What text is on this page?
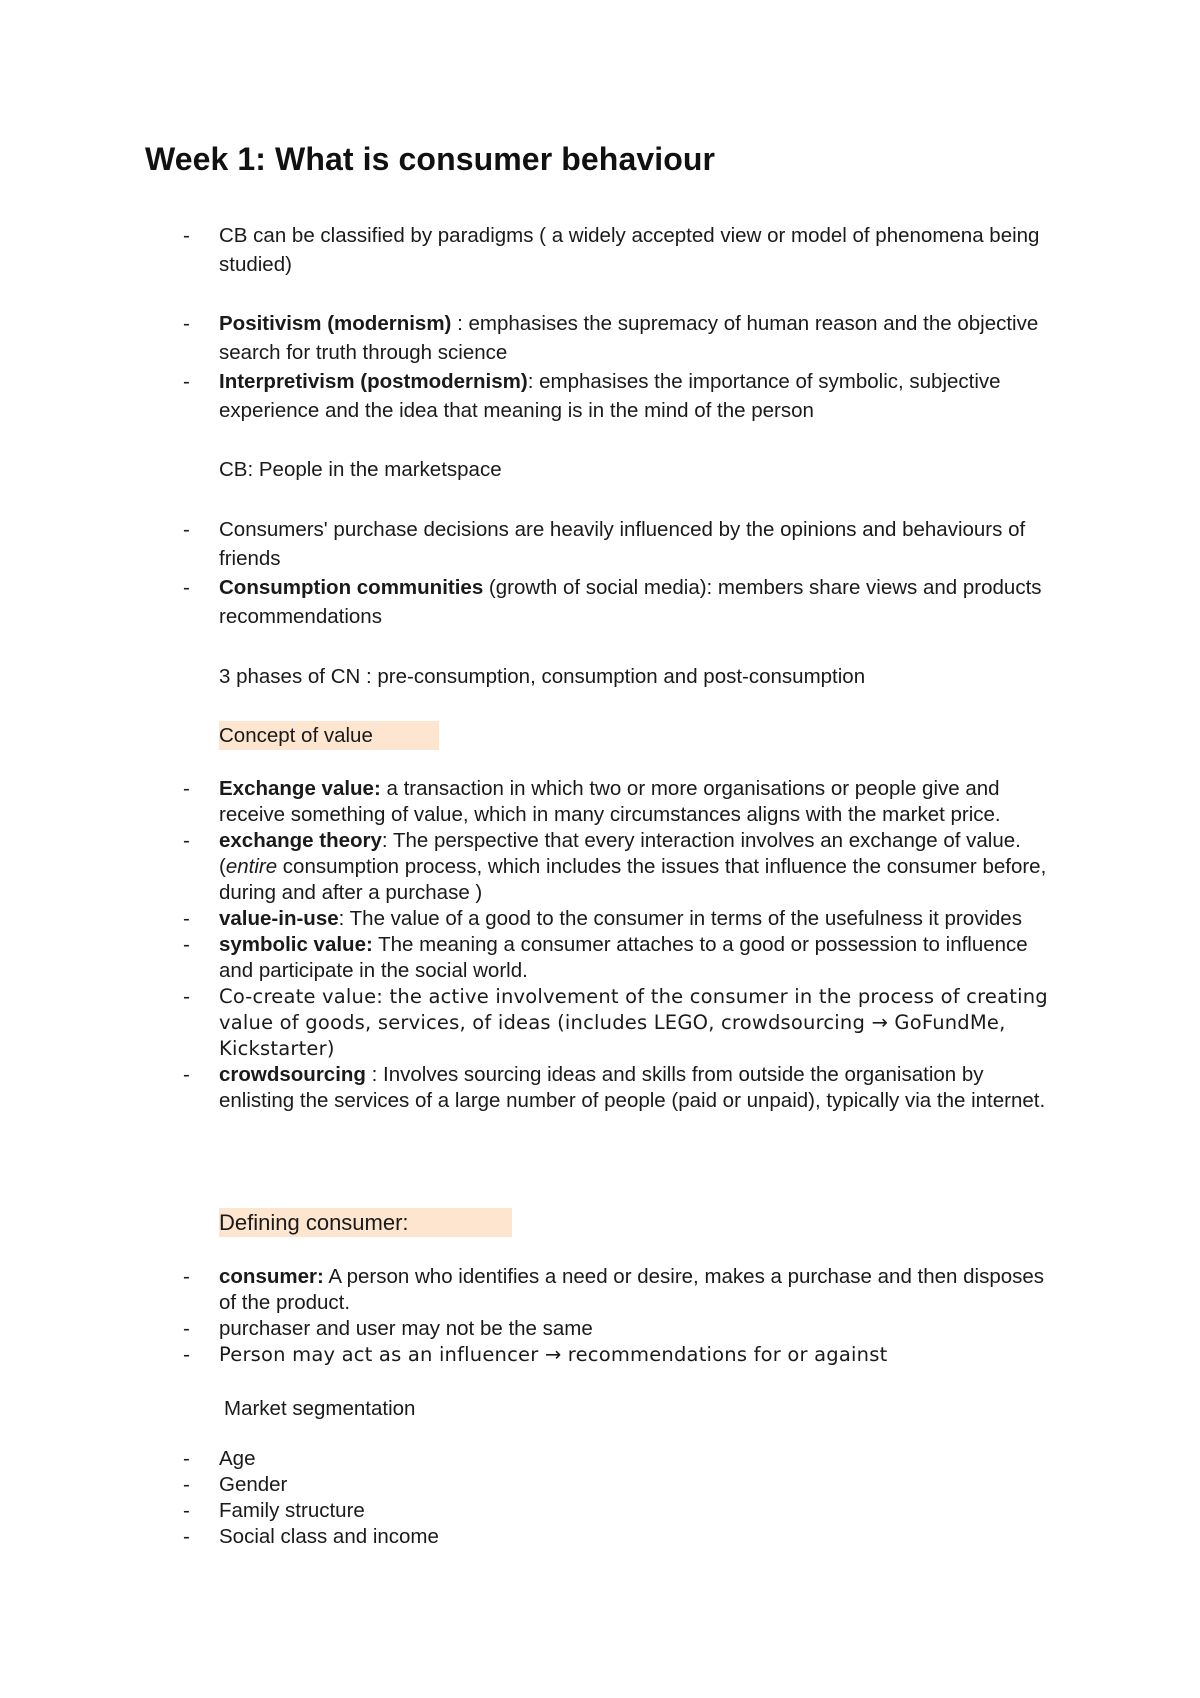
Week 1: What is consumer behaviour
- CB can be classified by paradigms ( a widely accepted view or model of phenomena being studied)
- Positivism (modernism) : emphasises the supremacy of human reason and the objective search for truth through science
- Interpretivism (postmodernism): emphasises the importance of symbolic, subjective experience and the idea that meaning is in the mind of the person
CB: People in the marketspace
- Consumers' purchase decisions are heavily influenced by the opinions and behaviours of friends
- Consumption communities (growth of social media): members share views and products recommendations
3 phases of CN : pre-consumption, consumption and post-consumption
Concept of value
- Exchange value: a transaction in which two or more organisations or people give and receive something of value, which in many circumstances aligns with the market price.
- exchange theory: The perspective that every interaction involves an exchange of value. (entire consumption process, which includes the issues that influence the consumer before, during and after a purchase )
- value-in-use: The value of a good to the consumer in terms of the usefulness it provides
- symbolic value: The meaning a consumer attaches to a good or possession to influence and participate in the social world.
- Co-create value: the active involvement of the consumer in the process of creating value of goods, services, of ideas (includes LEGO, crowdsourcing → GoFundMe, Kickstarter)
- crowdsourcing : Involves sourcing ideas and skills from outside the organisation by enlisting the services of a large number of people (paid or unpaid), typically via the internet.
Defining consumer:
- consumer: A person who identifies a need or desire, makes a purchase and then disposes of the product.
- purchaser and user may not be the same
- Person may act as an influencer → recommendations for or against
Market segmentation
- Age
- Gender
- Family structure
- Social class and income
